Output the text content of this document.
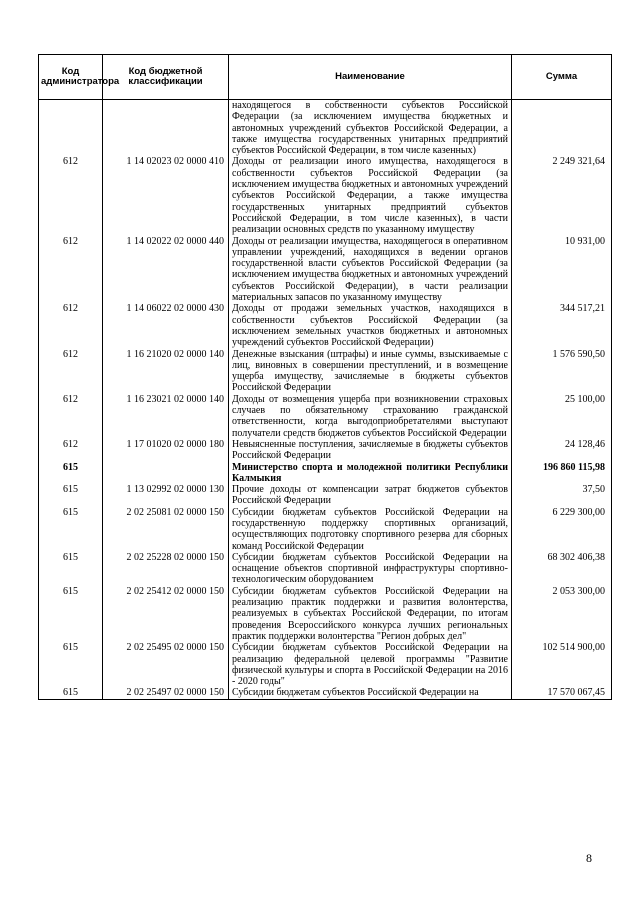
Код администратора	Код бюджетной классификации	Наименование	Сумма
		находящегося в собственности субъектов Российской Федерации (за исключением имущества бюджетных и автономных учреждений субъектов Российской Федерации, а также имущества государственных унитарных предприятий субъектов Российской Федерации, в том числе казенных)	
612	1 14 02023 02 0000 410	Доходы от реализации иного имущества, находящегося в собственности субъектов Российской Федерации (за исключением имущества бюджетных и автономных учреждений субъектов Российской Федерации, а также имущества государственных унитарных предприятий субъектов Российской Федерации, в том числе казенных), в части реализации основных средств по указанному имуществу	2 249 321,64
612	1 14 02022 02 0000 440	Доходы от реализации имущества, находящегося в оперативном управлении учреждений, находящихся в ведении органов государственной власти субъектов Российской Федерации (за исключением имущества бюджетных и автономных учреждений субъектов Российской Федерации), в части реализации материальных запасов по указанному имуществу	10 931,00
612	1 14 06022 02 0000 430	Доходы от продажи земельных участков, находящихся в собственности субъектов Российской Федерации (за исключением земельных участков бюджетных и автономных учреждений субъектов Российской Федерации)	344 517,21
612	1 16 21020 02 0000 140	Денежные взыскания (штрафы) и иные суммы, взыскиваемые с лиц, виновных в совершении преступлений, и в возмещение ущерба имуществу, зачисляемые в бюджеты субъектов Российской Федерации	1 576 590,50
612	1 16 23021 02 0000 140	Доходы от возмещения ущерба при возникновении страховых случаев по обязательному страхованию гражданской ответственности, когда выгодоприобретателями выступают получатели средств бюджетов субъектов Российской Федерации	25 100,00
612	1 17 01020 02 0000 180	Невыясненные поступления, зачисляемые в бюджеты субъектов Российской Федерации	24 128,46
615		Министерство спорта и молодежной политики Республики Калмыкия	196 860 115,98
615	1 13 02992 02 0000 130	Прочие доходы от компенсации затрат бюджетов субъектов Российской Федерации	37,50
615	2 02 25081 02 0000 150	Субсидии бюджетам субъектов Российской Федерации на государственную поддержку спортивных организаций, осуществляющих подготовку спортивного резерва для сборных команд Российской Федерации	6 229 300,00
615	2 02 25228 02 0000 150	Субсидии бюджетам субъектов Российской Федерации на оснащение объектов спортивной инфраструктуры спортивно-технологическим оборудованием	68 302 406,38
615	2 02 25412 02 0000 150	Субсидии бюджетам субъектов Российской Федерации на реализацию практик поддержки и развития волонтерства, реализуемых в субъектах Российской Федерации, по итогам проведения Всероссийского конкурса лучших региональных практик поддержки волонтерства "Регион добрых дел"	2 053 300,00
615	2 02 25495 02 0000 150	Субсидии бюджетам субъектов Российской Федерации на реализацию федеральной целевой программы "Развитие физической культуры и спорта в Российской Федерации на 2016 - 2020 годы"	102 514 900,00
615	2 02 25497 02 0000 150	Субсидии бюджетам субъектов Российской Федерации на	17 570 067,45
8
